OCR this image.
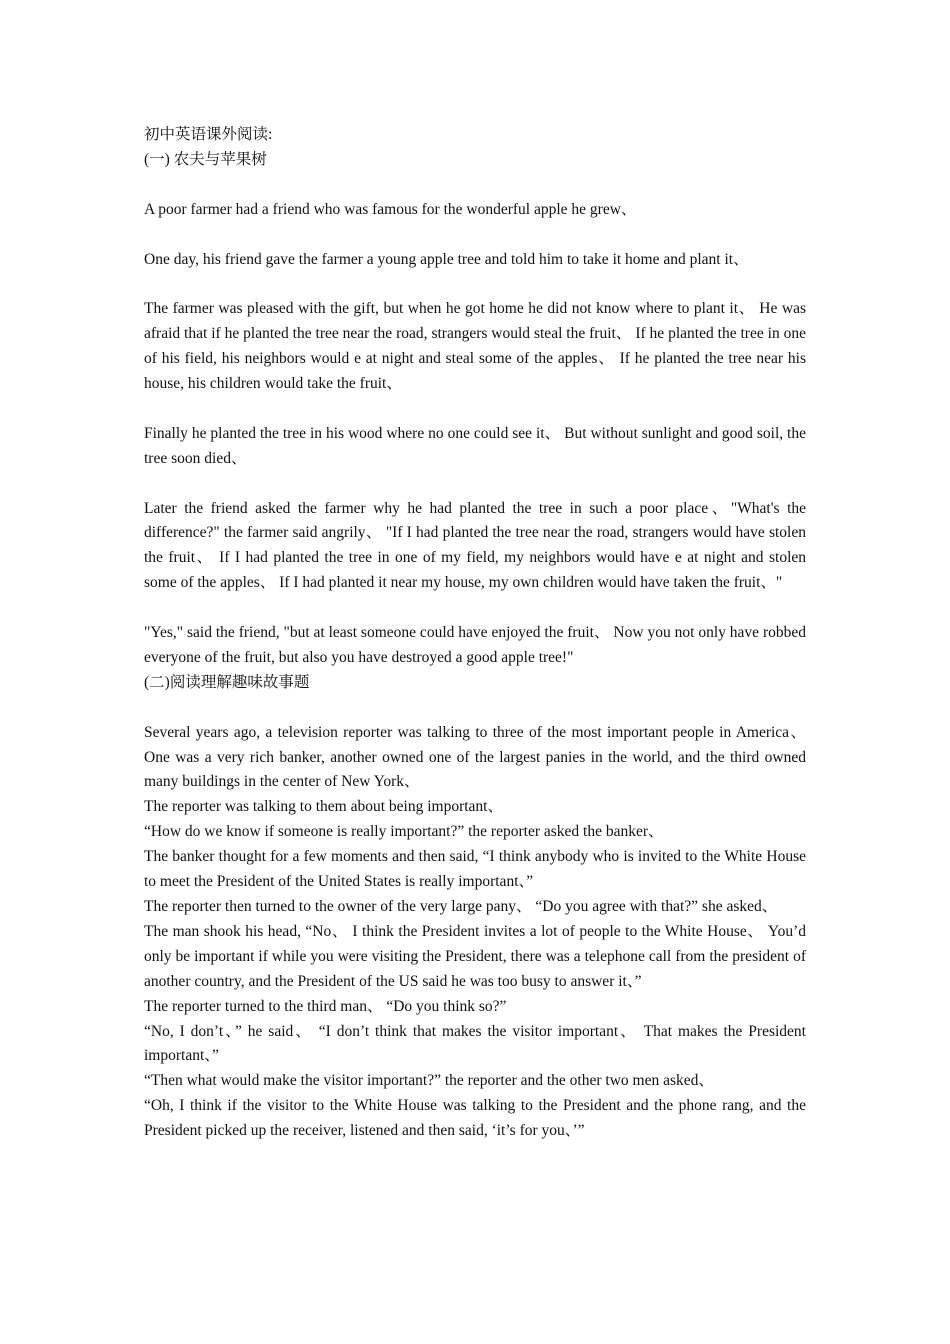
初中英语课外阅读:

(一) 农夫与苹果树

A poor farmer had a friend who was famous for the wonderful apple he grew、

One day, his friend gave the farmer a young apple tree and told him to take it home and plant it、

The farmer was pleased with the gift, but when he got home he did not know where to plant it、 He was afraid that if he planted the tree near the road, strangers would steal the fruit、 If he planted the tree in one of his field, his neighbors would e at night and steal some of the apples、 If he planted the tree near his house, his children would take the fruit、

Finally he planted the tree in his wood where no one could see it、 But without sunlight and good soil, the tree soon died、

Later the friend asked the farmer why he had planted the tree in such a poor place、"What's the difference?" the farmer said angrily、 "If I had planted the tree near the road, strangers would have stolen the fruit、 If I had planted the tree in one of my field, my neighbors would have e at night and stolen some of the apples、 If I had planted it near my house, my own children would have taken the fruit、"

"Yes," said the friend, "but at least someone could have enjoyed the fruit、 Now you not only have robbed everyone of the fruit, but also you have destroyed a good apple tree!"

(二)阅读理解趣味故事题

Several years ago, a television reporter was talking to three of the most important people in America、 One was a very rich banker, another owned one of the largest panies in the world, and the third owned many buildings in the center of New York、

The reporter was talking to them about being important、

“How do we know if someone is really important?” the reporter asked the banker、

The banker thought for a few moments and then said, “I think anybody who is invited to the White House to meet the President of the United States is really important、”

The reporter then turned to the owner of the very large pany、 “Do you agree with that?” she asked、

The man shook his head, “No、 I think the President invites a lot of people to the White House、 You’d only be important if while you were visiting the President, there was a telephone call from the president of another country, and the President of the US said he was too busy to answer it、”

The reporter turned to the third man、 “Do you think so?”

“No, I don’t、” he said、 “I don’t think that makes the visitor important、 That makes the President important、”

“Then what would make the visitor important?” the reporter and the other two men asked、

“Oh, I think if the visitor to the White House was talking to the President and the phone rang, and the President picked up the receiver, listened and then said, ‘it’s for you、’”
